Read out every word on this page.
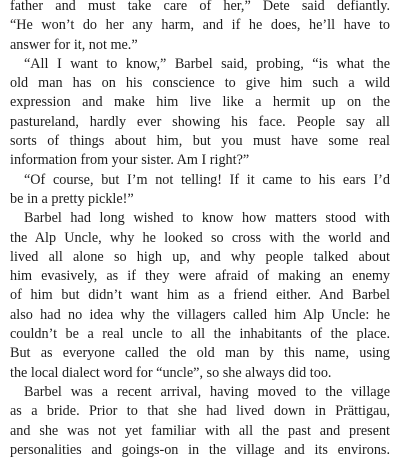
father and must take care of her,” Dete said defiantly.
“He won’t do her any harm, and if he does, he’ll have to
answer for it, not me.”
“All I want to know,” Barbel said, probing, “is what the
old man has on his conscience to give him such a wild
expression and make him live like a hermit up on the
pastureland, hardly ever showing his face. People say all
sorts of things about him, but you must have some real
information from your sister. Am I right?”
“Of course, but I’m not telling! If it came to his ears I’d
be in a pretty pickle!”
Barbel had long wished to know how matters stood with
the Alp Uncle, why he looked so cross with the world and
lived all alone so high up, and why people talked about
him evasively, as if they were afraid of making an enemy
of him but didn’t want him as a friend either. And Barbel
also had no idea why the villagers called him Alp Uncle: he
couldn’t be a real uncle to all the inhabitants of the place.
But as everyone called the old man by this name, using
the local dialect word for “uncle”, so she always did too.
Barbel was a recent arrival, having moved to the village
as a bride. Prior to that she had lived down in Prättigau,
and she was not yet familiar with all the past and present
personalities and goings-on in the village and its environs.
